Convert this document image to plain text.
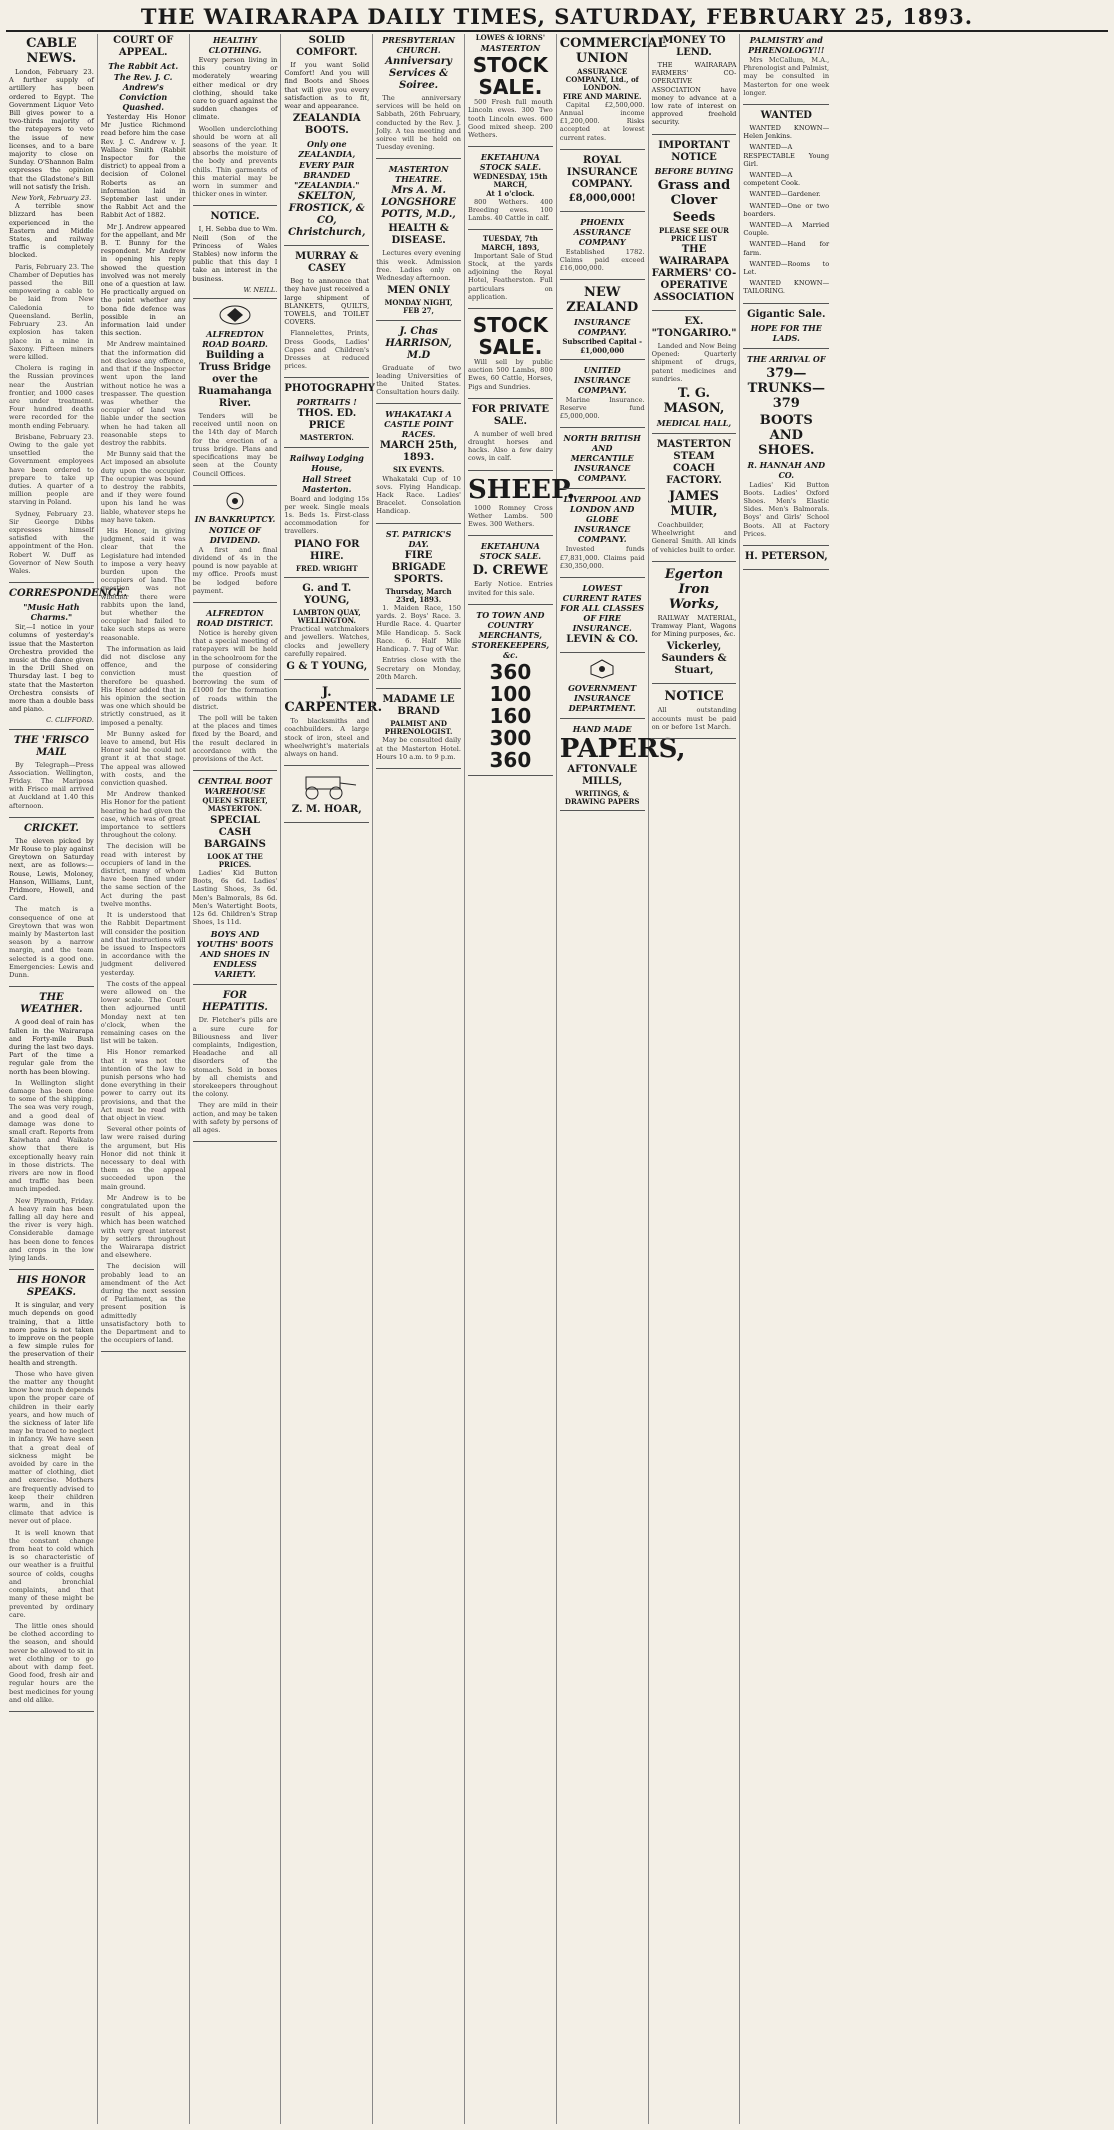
THE WAIRARAPA DAILY TIMES, SATURDAY, FEBRUARY 25, 1893.
CABLE NEWS.

London, February 23. A further supply of artillery has been ordered to Egypt. The Government Liquor Veto Bill gives power to a two-thirds majority of the ratepayers to veto the issue of new licenses, and to a bare majority to close on Sunday. O'Shannon Balm expresses the opinion that the Gladstone's Bill will not satisfy the Irish.

New York, February 23.

A terrible snow blizzard has been experienced in the Eastern and Middle States, and railway traffic is completely blocked.

Paris, February 23. The Chamber of Deputies has passed the Bill empowering a cable to be laid from New Caledonia to Queensland. Berlin, February 23. An explosion has taken place in a mine in Saxony. Fifteen miners were killed.

Cholera is raging in the Russian provinces near the Austrian frontier, and 1000 cases are under treatment. Four hundred deaths were recorded for the month ending February.

Brisbane, February 23. Owing to the gale yet unsettled the Government employees have been ordered to prepare to take up duties. A quarter of a million people are starving in Poland.

Sydney, February 23. Sir George Dibbs expresses himself satisfied with the appointment of the Hon. Robert W. Duff as Governor of New South Wales.

CORRESPONDENCE.
"Music Hath Charms."

Sir,—I notice in your columns of yesterday's issue that the Masterton Orchestra provided the music at the dance given in the Drill Shed on Thursday last. I beg to state that the Masterton Orchestra consists of more than a double bass and piano.

C. CLIFFORD.
THE 'FRISCO MAIL

By Telegraph—Press Association. Wellington, Friday. The Mariposa with Frisco mail arrived at Auckland at 1.40 this afternoon.

CRICKET.

The eleven picked by Mr Rouse to play against Greytown on Saturday next, are as follows:—Rouse, Lewis, Moloney, Hanson, Williams, Lunt, Pridmore, Howell, and Card.

The match is a consequence of one at Greytown that was won mainly by Masterton last season by a narrow margin, and the team selected is a good one. Emergencies: Lewis and Dunn.

THE WEATHER.

A good deal of rain has fallen in the Wairarapa and Forty-mile Bush during the last two days. Part of the time a regular gale from the north has been blowing.

In Wellington slight damage has been done to some of the shipping. The sea was very rough, and a good deal of damage was done to small craft. Reports from Kaiwhata and Waikato show that there is exceptionally heavy rain in those districts. The rivers are now in flood and traffic has been much impeded.

New Plymouth, Friday. A heavy rain has been falling all day here and the river is very high. Considerable damage has been done to fences and crops in the low lying lands.

HIS HONOR SPEAKS.

It is singular, and very much depends on good training, that a little more pains is not taken to improve on the people a few simple rules for the preservation of their health and strength.

Those who have given the matter any thought know how much depends upon the proper care of children in their early years, and how much of the sickness of later life may be traced to neglect in infancy. We have seen that a great deal of sickness might be avoided by care in the matter of clothing, diet and exercise. Mothers are frequently advised to keep their children warm, and in this climate that advice is never out of place.

It is well known that the constant change from heat to cold which is so characteristic of our weather is a fruitful source of colds, coughs and bronchial complaints, and that many of these might be prevented by ordinary care.

The little ones should be clothed according to the season, and should never be allowed to sit in wet clothing or to go about with damp feet. Good food, fresh air and regular hours are the best medicines for young and old alike.

COURT OF APPEAL.
The Rabbit Act.
The Rev. J. C. Andrew's Conviction Quashed.

Yesterday His Honor Mr Justice Richmond read before him the case Rev. J. C. Andrew v. J. Wallace Smith (Rabbit Inspector for the district) to appeal from a decision of Colonel Roberts as an information laid in September last under the Rabbit Act and the Rabbit Act of 1882.

Mr J. Andrew appeared for the appellant, and Mr B. T. Bunny for the respondent. Mr Andrew in opening his reply showed the question involved was not merely one of a question at law. He practically argued on the point whether any bona fide defence was possible in an information laid under this section.

Mr Andrew maintained that the information did not disclose any offence, and that if the Inspector went upon the land without notice he was a trespasser. The question was whether the occupier of land was liable under the section when he had taken all reasonable steps to destroy the rabbits.

Mr Bunny said that the Act imposed an absolute duty upon the occupier. The occupier was bound to destroy the rabbits, and if they were found upon his land he was liable, whatever steps he may have taken.

His Honor, in giving judgment, said it was clear that the Legislature had intended to impose a very heavy burden upon the occupiers of land. The question was not whether there were rabbits upon the land, but whether the occupier had failed to take such steps as were reasonable.

The information as laid did not disclose any offence, and the conviction must therefore be quashed. His Honor added that in his opinion the section was one which should be strictly construed, as it imposed a penalty.

Mr Bunny asked for leave to amend, but His Honor said he could not grant it at that stage. The appeal was allowed with costs, and the conviction quashed.

Mr Andrew thanked His Honor for the patient hearing he had given the case, which was of great importance to settlers throughout the colony.

The decision will be read with interest by occupiers of land in the district, many of whom have been fined under the same section of the Act during the past twelve months.

It is understood that the Rabbit Department will consider the position and that instructions will be issued to Inspectors in accordance with the judgment delivered yesterday.

The costs of the appeal were allowed on the lower scale. The Court then adjourned until Monday next at ten o'clock, when the remaining cases on the list will be taken.

His Honor remarked that it was not the intention of the law to punish persons who had done everything in their power to carry out its provisions, and that the Act must be read with that object in view.

Several other points of law were raised during the argument, but His Honor did not think it necessary to deal with them as the appeal succeeded upon the main ground.

Mr Andrew is to be congratulated upon the result of his appeal, which has been watched with very great interest by settlers throughout the Wairarapa district and elsewhere.

The decision will probably lead to an amendment of the Act during the next session of Parliament, as the present position is admittedly unsatisfactory both to the Department and to the occupiers of land.

HEALTHY CLOTHING.

Every person living in this country or moderately wearing either medical or dry clothing, should take care to guard against the sudden changes of climate.

Woollen underclothing should be worn at all seasons of the year. It absorbs the moisture of the body and prevents chills. Thin garments of this material may be worn in summer and thicker ones in winter.

NOTICE.

I, H. Sebba due to Wm. Neill (Son of the Princess of Wales Stables) now inform the public that this day I take an interest in the business.

W. NEILL.
ALFREDTON ROAD BOARD.
Building a Truss Bridge over the Ruamahanga River.

Tenders will be received until noon on the 14th day of March for the erection of a truss bridge. Plans and specifications may be seen at the County Council Offices.

IN BANKRUPTCY.
NOTICE OF DIVIDEND.

A first and final dividend of 4s in the pound is now payable at my office. Proofs must be lodged before payment.

ALFREDTON ROAD DISTRICT.

Notice is hereby given that a special meeting of ratepayers will be held in the schoolroom for the purpose of considering the question of borrowing the sum of £1000 for the formation of roads within the district.

The poll will be taken at the places and times fixed by the Board, and the result declared in accordance with the provisions of the Act.

CENTRAL BOOT WAREHOUSE
QUEEN STREET, MASTERTON.
SPECIAL CASH BARGAINS
LOOK AT THE PRICES.

Ladies' Kid Button Boots, 6s 6d. Ladies' Lasting Shoes, 3s 6d. Men's Balmorals, 8s 6d. Men's Watertight Boots, 12s 6d. Children's Strap Shoes, 1s 11d.

BOYS AND YOUTHS' BOOTS AND SHOES IN ENDLESS VARIETY.
FOR HEPATITIS.

Dr. Fletcher's pills are a sure cure for Biliousness and liver complaints, Indigestion, Headache and all disorders of the stomach. Sold in boxes by all chemists and storekeepers throughout the colony.

They are mild in their action, and may be taken with safety by persons of all ages.

SOLID COMFORT.

If you want Solid Comfort! And you will find Boots and Shoes that will give you every satisfaction as to fit, wear and appearance.

ZEALANDIA BOOTS.
Only one ZEALANDIA,
EVERY PAIR BRANDED "ZEALANDIA."
SKELTON, FROSTICK, & CO, Christchurch,
MURRAY & CASEY

Beg to announce that they have just received a large shipment of BLANKETS, QUILTS, TOWELS, and TOILET COVERS.

Flannelettes, Prints, Dress Goods, Ladies' Capes and Children's Dresses at reduced prices.

PHOTOGRAPHY
PORTRAITS !
THOS. ED. PRICE
MASTERTON.
Railway Lodging House,
Hall Street Masterton.

Board and lodging 15s per week. Single meals 1s. Beds 1s. First-class accommodation for travellers.

PIANO FOR HIRE.
FRED. WRIGHT
G. and T. YOUNG,
LAMBTON QUAY, WELLINGTON.

Practical watchmakers and jewellers. Watches, clocks and jewellery carefully repaired.

G & T YOUNG,
J. CARPENTER.

To blacksmiths and coachbuilders. A large stock of iron, steel and wheelwright's materials always on hand.

Z. M. HOAR,
PRESBYTERIAN CHURCH.
Anniversary Services & Soiree.

The anniversary services will be held on Sabbath, 26th February, conducted by the Rev. J. Jolly. A tea meeting and soiree will be held on Tuesday evening.

MASTERTON THEATRE.
Mrs A. M. LONGSHORE POTTS, M.D.,
HEALTH & DISEASE.

Lectures every evening this week. Admission free. Ladies only on Wednesday afternoon.

MEN ONLY
MONDAY NIGHT, FEB 27,
J. Chas HARRISON, M.D

Graduate of two leading Universities of the United States. Consultation hours daily.

WHAKATAKI A CASTLE POINT RACES.
MARCH 25th, 1893.
SIX EVENTS.

Whakataki Cup of 10 sovs. Flying Handicap. Hack Race. Ladies' Bracelet. Consolation Handicap.

ST. PATRICK'S DAY.
FIRE BRIGADE SPORTS.
Thursday, March 23rd, 1893.

1. Maiden Race, 150 yards. 2. Boys' Race. 3. Hurdle Race. 4. Quarter Mile Handicap. 5. Sack Race. 6. Half Mile Handicap. 7. Tug of War.

Entries close with the Secretary on Monday, 20th March.

MADAME LE BRAND
PALMIST AND PHRENOLOGIST.

May be consulted daily at the Masterton Hotel. Hours 10 a.m. to 9 p.m.

LOWES & IORNS'
MASTERTON
STOCK SALE.

500 Fresh full mouth Lincoln ewes. 300 Two tooth Lincoln ewes. 600 Good mixed sheep. 200 Wethers.

EKETAHUNA STOCK SALE.
WEDNESDAY, 15th MARCH,
At 1 o'clock.

800 Wethers. 400 Breeding ewes. 100 Lambs. 40 Cattle in calf.

TUESDAY, 7th MARCH, 1893,

Important Sale of Stud Stock, at the yards adjoining the Royal Hotel, Featherston. Full particulars on application.

STOCK SALE.

Will sell by public auction 500 Lambs, 800 Ewes, 60 Cattle, Horses, Pigs and Sundries.

FOR PRIVATE SALE.

A number of well bred draught horses and hacks. Also a few dairy cows, in calf.

SHEEP.

1000 Romney Cross Wether Lambs. 500 Ewes. 300 Wethers.

EKETAHUNA STOCK SALE.
D. CREWE

Early Notice. Entries invited for this sale.

TO TOWN AND COUNTRY MERCHANTS, STOREKEEPERS, &c.
360
100
160
300
360
COMMERCIAL UNION
ASSURANCE COMPANY, Ltd., of LONDON.
FIRE AND MARINE.

Capital £2,500,000. Annual income £1,200,000. Risks accepted at lowest current rates.

ROYAL INSURANCE COMPANY.
£8,000,000!
PHOENIX ASSURANCE COMPANY

Established 1782. Claims paid exceed £16,000,000.

NEW ZEALAND
INSURANCE COMPANY.
Subscribed Capital - £1,000,000
UNITED INSURANCE COMPANY.

Marine Insurance. Reserve fund £5,000,000.

NORTH BRITISH AND MERCANTILE INSURANCE COMPANY.
LIVERPOOL AND LONDON AND GLOBE INSURANCE COMPANY.

Invested funds £7,831,000. Claims paid £30,350,000.

LOWEST CURRENT RATES FOR ALL CLASSES OF FIRE INSURANCE.
LEVIN & CO.
GOVERNMENT INSURANCE DEPARTMENT.
HAND MADE
PAPERS,
AFTONVALE MILLS,
WRITINGS, & DRAWING PAPERS
MONEY TO LEND.

THE WAIRARAPA FARMERS' CO-OPERATIVE ASSOCIATION have money to advance at a low rate of interest on approved freehold security.

IMPORTANT NOTICE
BEFORE BUYING
Grass and Clover
Seeds
PLEASE SEE OUR PRICE LIST
THE WAIRARAPA FARMERS' CO-OPERATIVE ASSOCIATION
EX. "TONGARIRO."

Landed and Now Being Opened: Quarterly shipment of drugs, patent medicines and sundries.

T. G. MASON,
MEDICAL HALL,
MASTERTON STEAM COACH FACTORY.
JAMES MUIR,

Coachbuilder, Wheelwright and General Smith. All kinds of vehicles built to order.

Egerton Iron Works,

RAILWAY MATERIAL, Tramway Plant, Wagons for Mining purposes, &c.

Vickerley, Saunders & Stuart,
NOTICE

All outstanding accounts must be paid on or before 1st March.

PALMISTRY and PHRENOLOGY!!!

Mrs McCallum, M.A., Phrenologist and Palmist, may be consulted in Masterton for one week longer.

WANTED

WANTED KNOWN—Helen Jenkins.

WANTED—A RESPECTABLE Young Girl.

WANTED—A competent Cook.

WANTED—Gardener.

WANTED—One or two boarders.

WANTED—A Married Couple.

WANTED—Hand for farm.

WANTED—Rooms to Let.

WANTED KNOWN—TAILORING.

Gigantic Sale.
HOPE FOR THE LADS.
THE ARRIVAL OF
379—TRUNKS—379
BOOTS AND SHOES.
R. HANNAH AND CO.

Ladies' Kid Button Boots. Ladies' Oxford Shoes. Men's Elastic Sides. Men's Balmorals. Boys' and Girls' School Boots. All at Factory Prices.

H. PETERSON,
